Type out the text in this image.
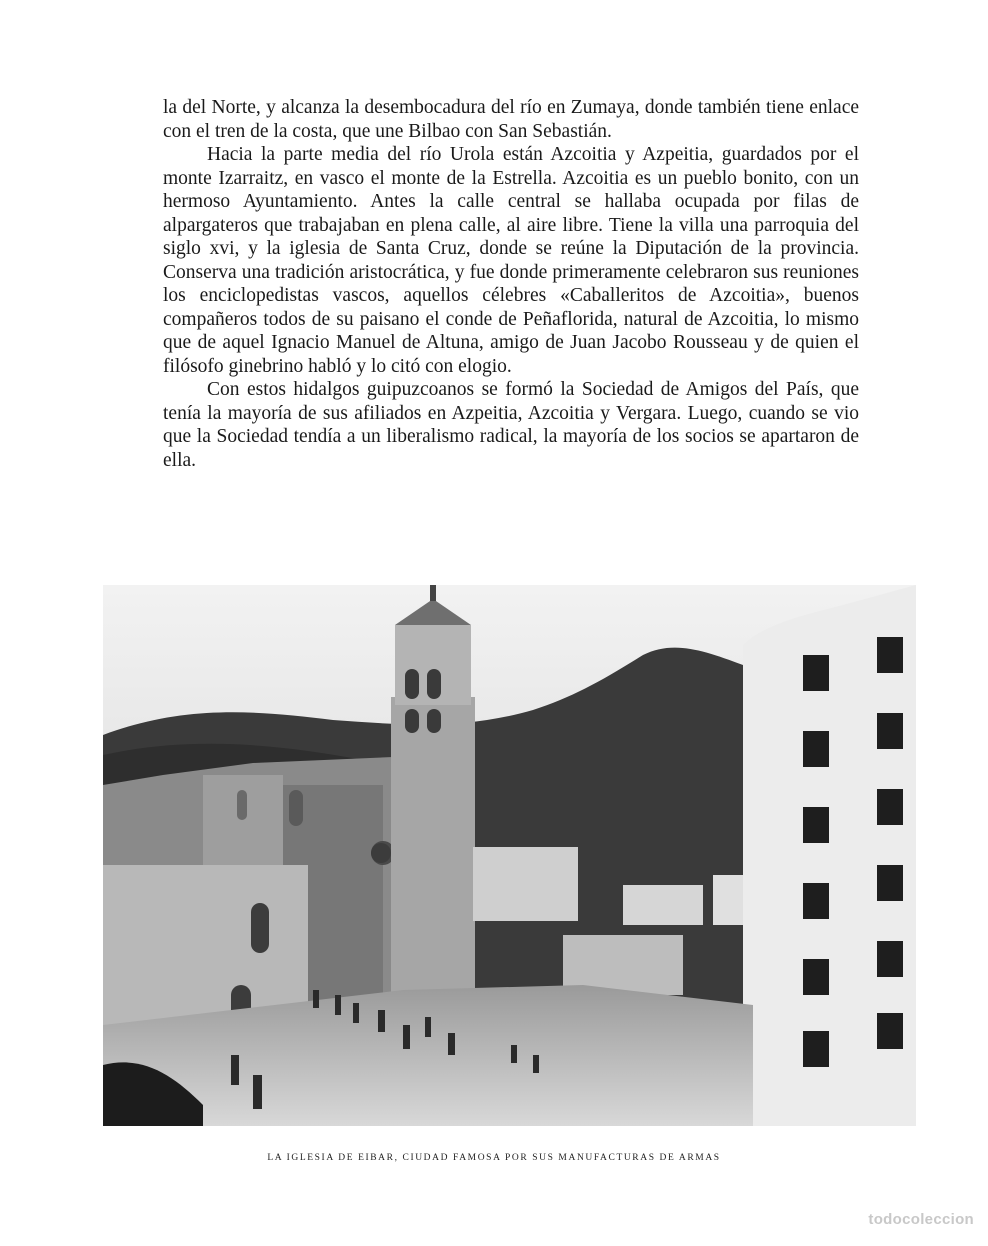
la del Norte, y alcanza la desembocadura del río en Zumaya, donde también tiene enlace con el tren de la costa, que une Bilbao con San Sebastián.

Hacia la parte media del río Urola están Azcoitia y Azpeitia, guardados por el monte Izarraitz, en vasco el monte de la Estrella. Azcoitia es un pueblo bonito, con un hermoso Ayuntamiento. Antes la calle central se hallaba ocupada por filas de alpargateros que trabajaban en plena calle, al aire libre. Tiene la villa una parroquia del siglo xvi, y la iglesia de Santa Cruz, donde se reúne la Diputación de la provincia. Conserva una tradición aristocrática, y fue donde primeramente celebraron sus reuniones los enciclopedistas vascos, aquellos célebres «Caballeritos de Azcoitia», buenos compañeros todos de su paisano el conde de Peñaflorida, natural de Azcoitia, lo mismo que de aquel Ignacio Manuel de Altuna, amigo de Juan Jacobo Rousseau y de quien el filósofo ginebrino habló y lo citó con elogio.

Con estos hidalgos guipuzcoanos se formó la Sociedad de Amigos del País, que tenía la mayoría de sus afiliados en Azpeitia, Azcoitia y Vergara. Luego, cuando se vio que la Sociedad tendía a un liberalismo radical, la mayoría de los socios se apartaron de ella.

LA IGLESIA DE EIBAR, CIUDAD FAMOSA POR SUS MANUFACTURAS DE ARMAS
todocoleccion
